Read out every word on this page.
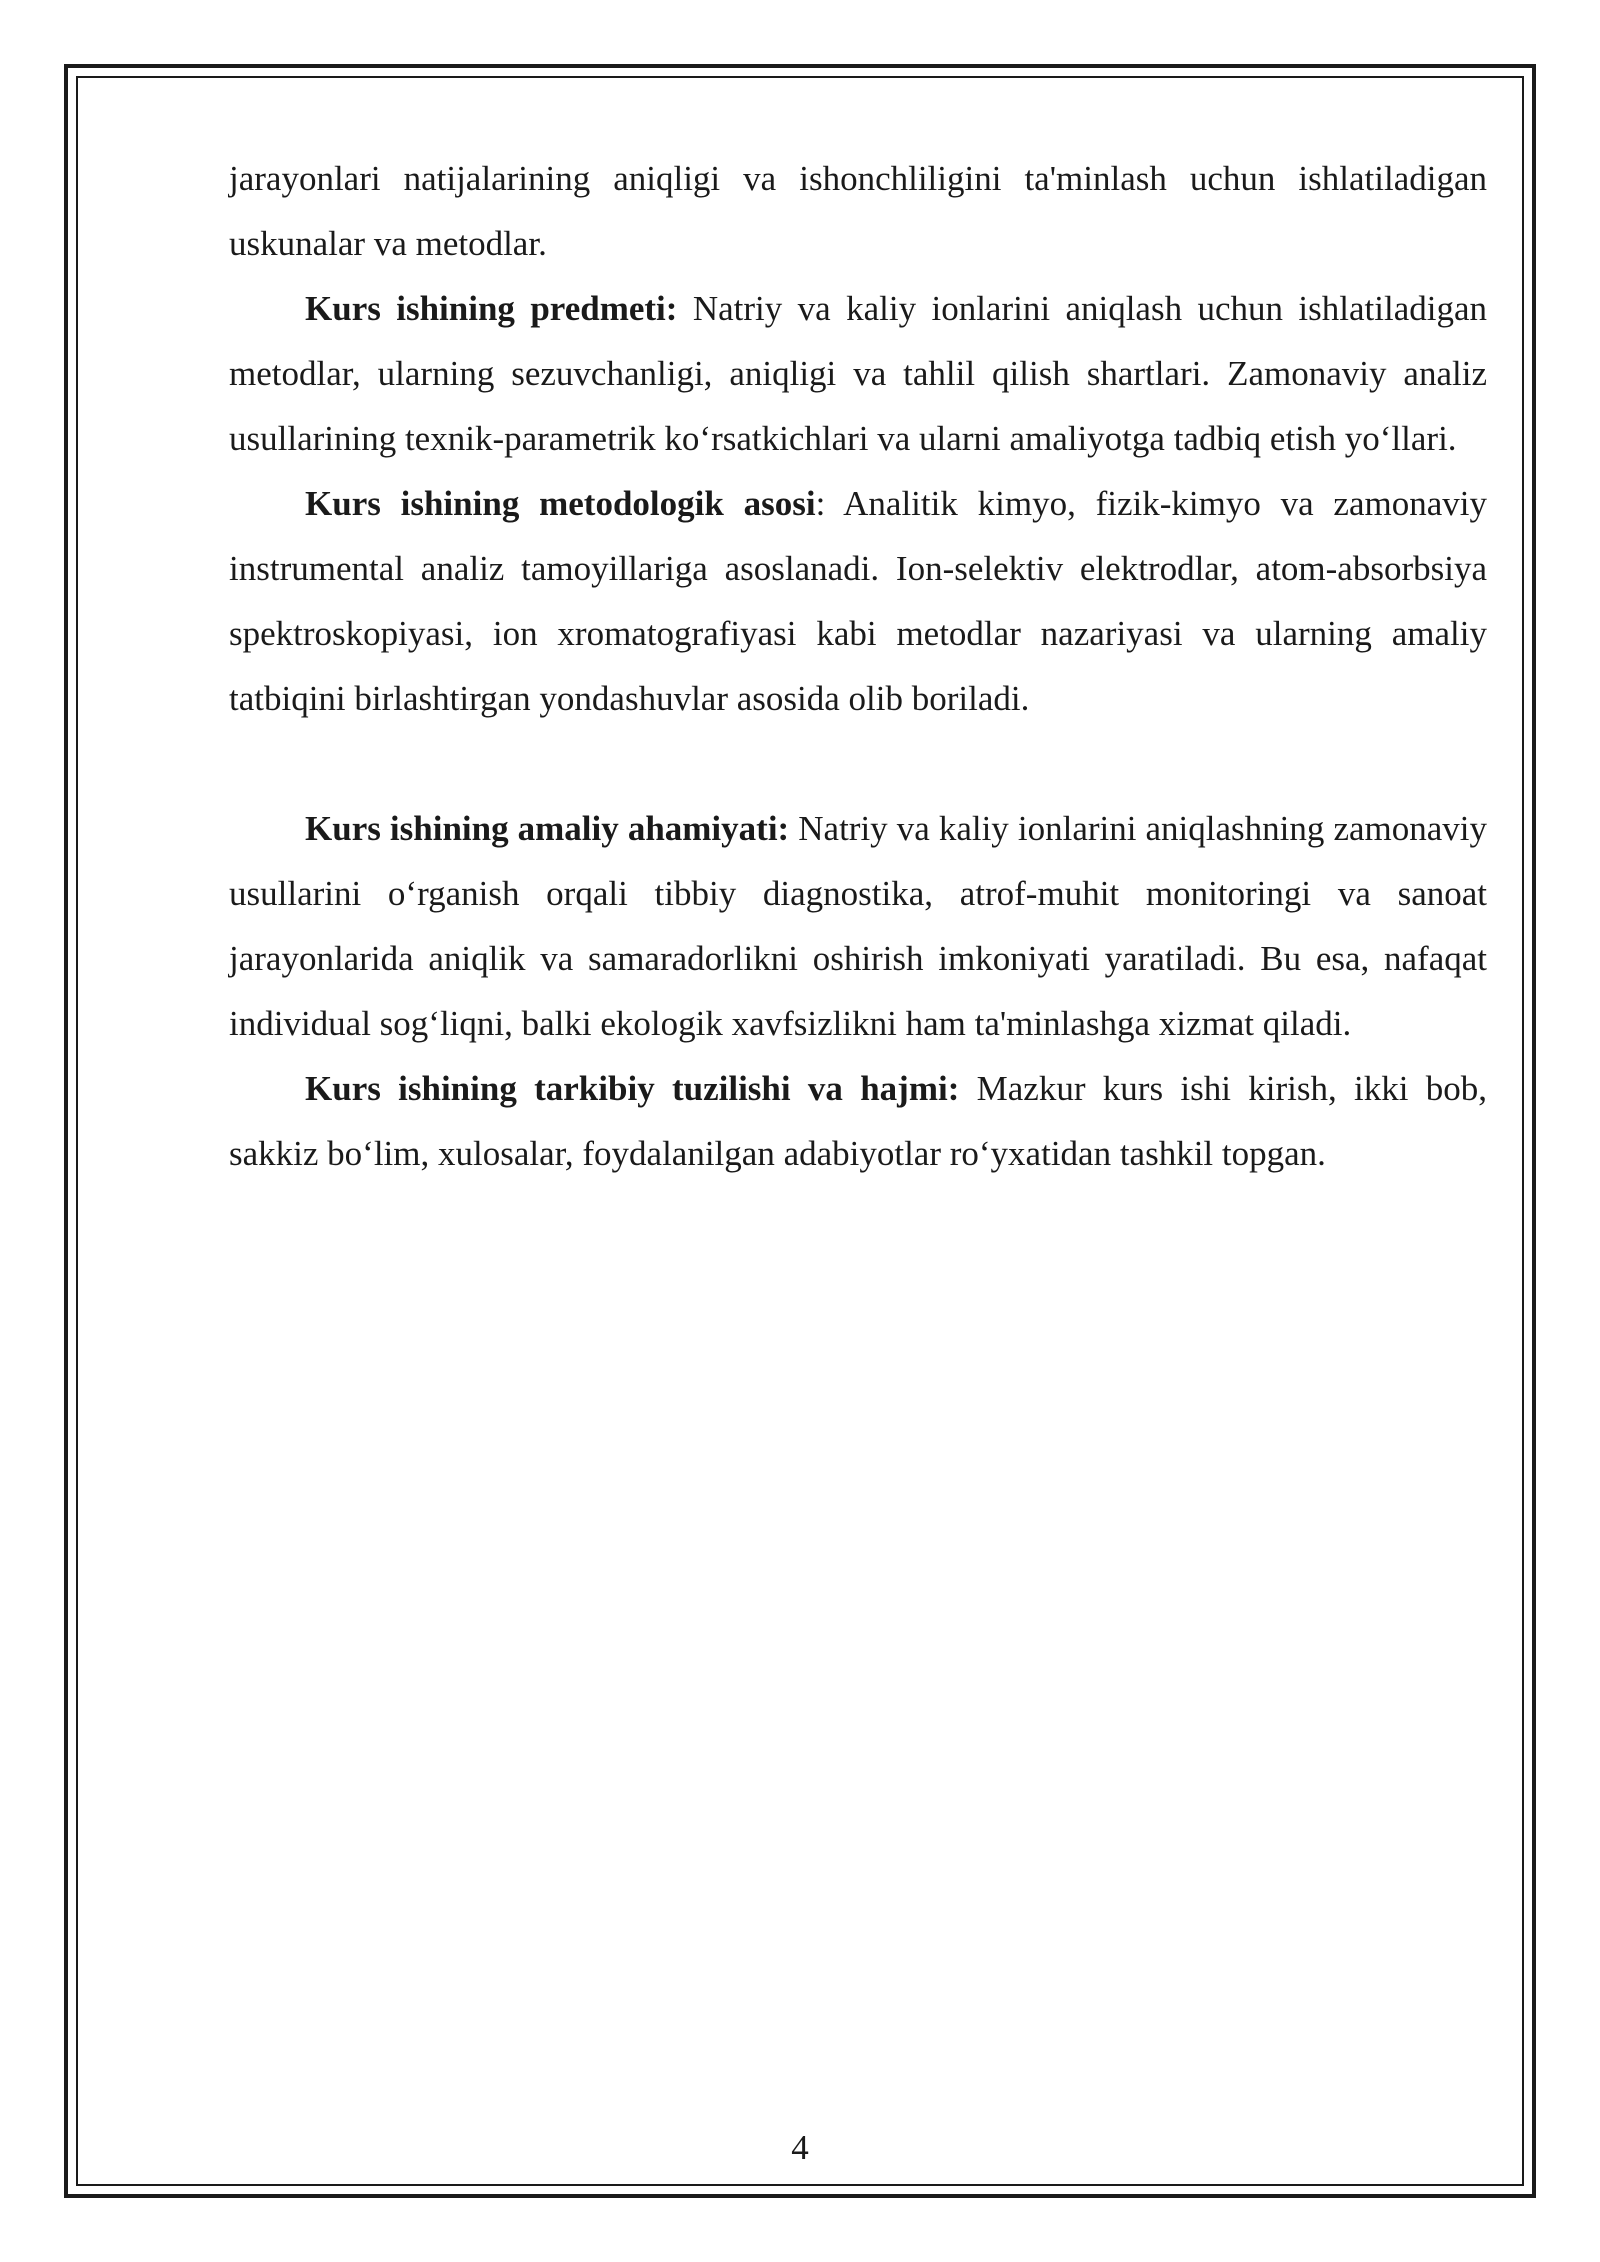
jarayonlari natijalarining aniqligi va ishonchliligini ta'minlash uchun ishlatiladigan uskunalar va metodlar.

Kurs ishining predmeti: Natriy va kaliy ionlarini aniqlash uchun ishlatiladigan metodlar, ularning sezuvchanligi, aniqligi va tahlil qilish shartlari. Zamonaviy analiz usullarining texnik-parametrik ko‘rsatkichlari va ularni amaliyotga tadbiq etish yo‘llari.

Kurs ishining metodologik asosi: Analitik kimyo, fizik-kimyo va zamonaviy instrumental analiz tamoyillariga asoslanadi. Ion-selektiv elektrodlar, atom-absorbsiya spektroskopiyasi, ion xromatografiyasi kabi metodlar nazariyasi va ularning amaliy tatbiqini birlashtirgan yondashuvlar asosida olib boriladi.

Kurs ishining amaliy ahamiyati: Natriy va kaliy ionlarini aniqlashning zamonaviy usullarini o‘rganish orqali tibbiy diagnostika, atrof-muhit monitoringi va sanoat jarayonlarida aniqlik va samaradorlikni oshirish imkoniyati yaratiladi. Bu esa, nafaqat individual sog‘liqni, balki ekologik xavfsizlikni ham ta'minlashga xizmat qiladi.

Kurs ishining tarkibiy tuzilishi va hajmi: Mazkur kurs ishi kirish, ikki bob, sakkiz bo‘lim, xulosalar, foydalanilgan adabiyotlar ro‘yxatidan tashkil topgan.

4
